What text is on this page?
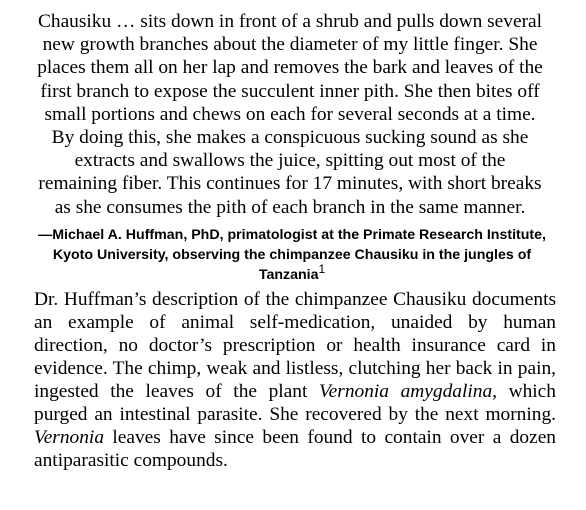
Chausiku … sits down in front of a shrub and pulls down several new growth branches about the diameter of my little finger. She places them all on her lap and removes the bark and leaves of the first branch to expose the succulent inner pith. She then bites off small portions and chews on each for several seconds at a time. By doing this, she makes a conspicuous sucking sound as she extracts and swallows the juice, spitting out most of the remaining fiber. This continues for 17 minutes, with short breaks as she consumes the pith of each branch in the same manner.

—Michael A. Huffman, PhD, primatologist at the Primate Research Institute, Kyoto University, observing the chimpanzee Chausiku in the jungles of Tanzania$^1$

Dr. Huffman’s description of the chimpanzee Chausiku documents an example of animal self-medication, unaided by human direction, no doctor’s prescription or health insurance card in evidence. The chimp, weak and listless, clutching her back in pain, ingested the leaves of the plant Vernonia amygdalina, which purged an intestinal parasite. She recovered by the next morning. Vernonia leaves have since been found to contain over a dozen antiparasitic compounds.
